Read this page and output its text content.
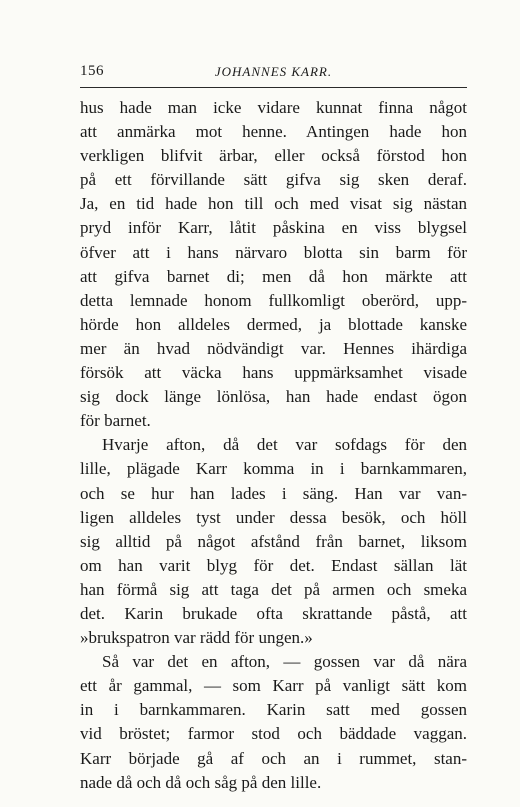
156	JOHANNES KARR.
hus hade man icke vidare kunnat finna något
att anmärka mot henne. Antingen hade hon
verkligen blifvit ärbar, eller också förstod hon
på ett förvillande sätt gifva sig sken deraf.
Ja, en tid hade hon till och med visat sig nästan
pryd inför Karr, låtit påskina en viss blygsel
öfver att i hans närvaro blotta sin barm för
att gifva barnet di; men då hon märkte att
detta lemnade honom fullkomligt oberörd, upp-
hörde hon alldeles dermed, ja blottade kanske
mer än hvad nödvändigt var. Hennes ihärdiga
försök att väcka hans uppmärksamhet visade
sig dock länge lönlösa, han hade endast ögon
för barnet.
Hvarje afton, då det var sofdags för den
lille, plägade Karr komma in i barnkammaren,
och se hur han lades i säng. Han var van-
ligen alldeles tyst under dessa besök, och höll
sig alltid på något afstånd från barnet, liksom
om han varit blyg för det. Endast sällan lät
han förmå sig att taga det på armen och smeka
det. Karin brukade ofta skrattande påstå, att
»brukspatron var rädd för ungen.»
Så var det en afton, — gossen var då nära
ett år gammal, — som Karr på vanligt sätt kom
in i barnkammaren. Karin satt med gossen
vid bröstet; farmor stod och bäddade vaggan.
Karr började gå af och an i rummet, stan-
nade då och då och såg på den lille.
